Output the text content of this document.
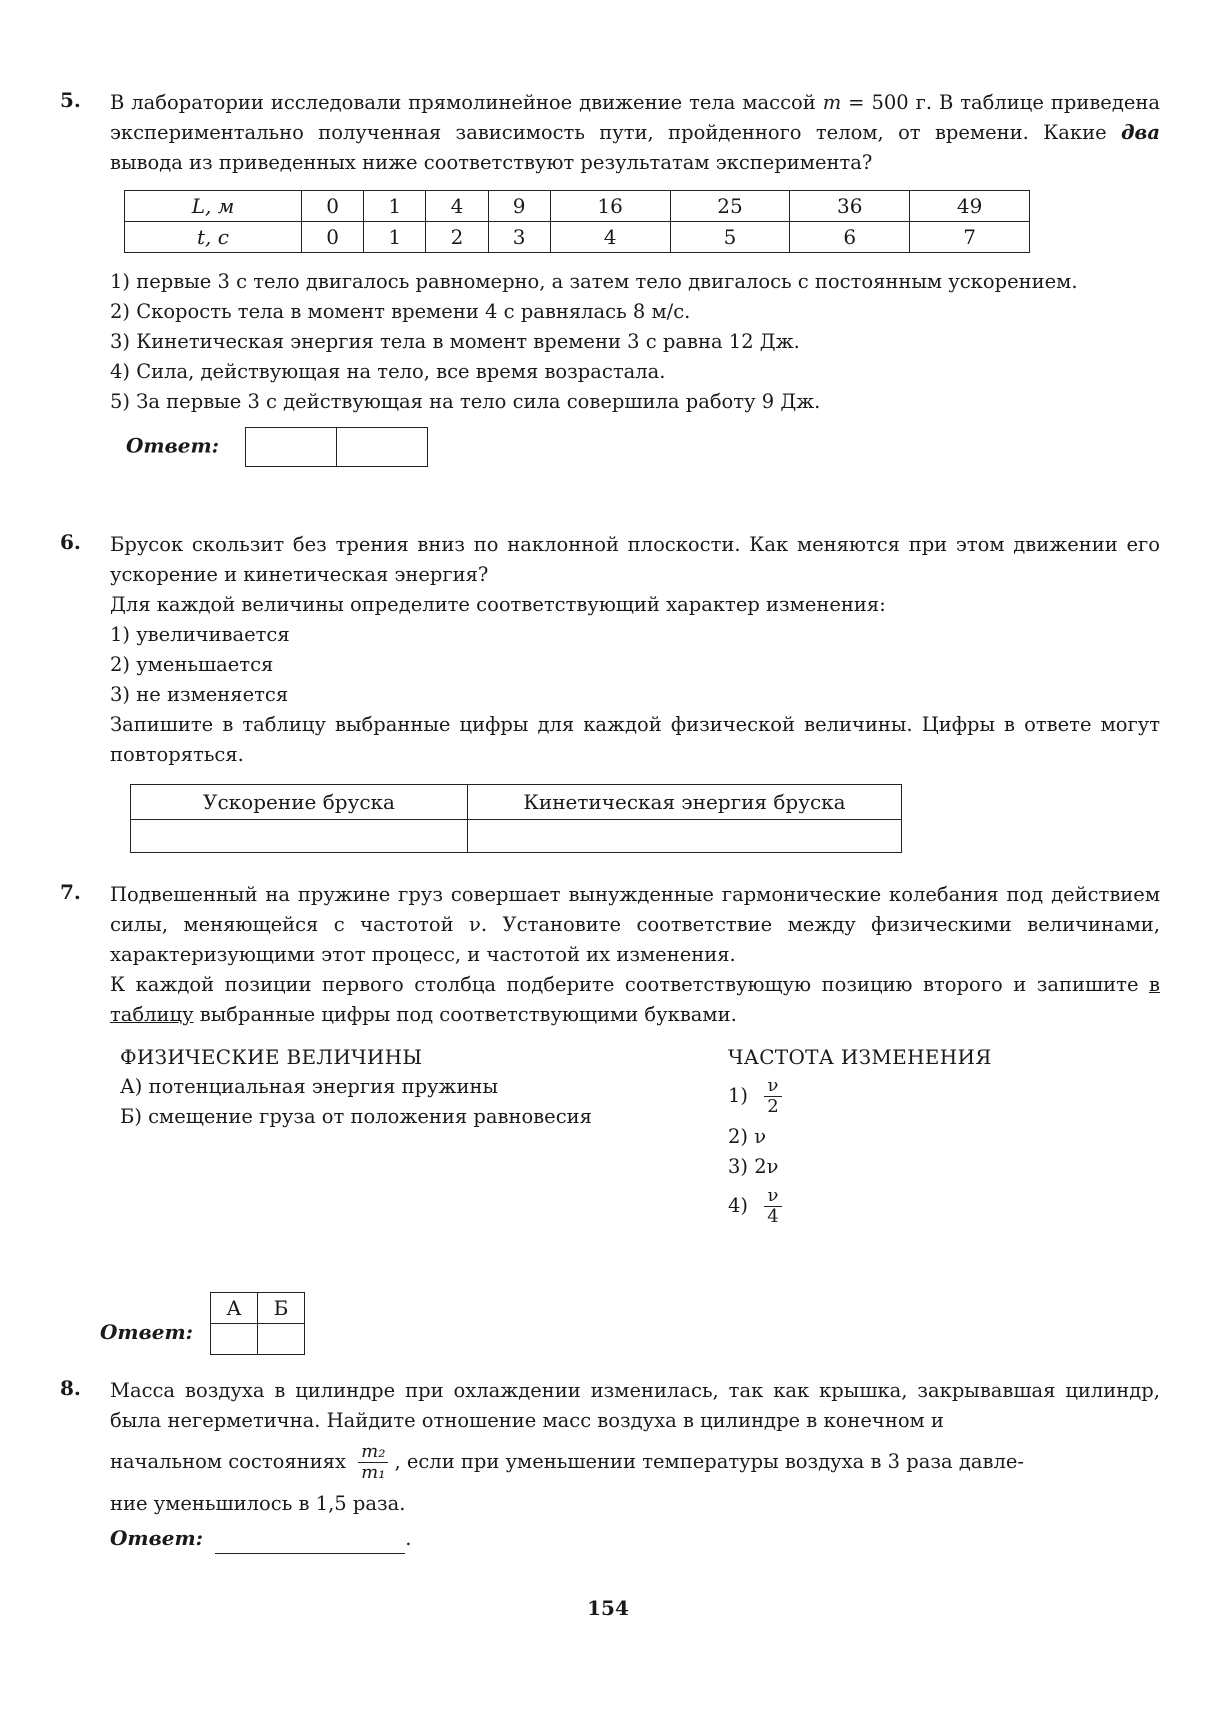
5. В лаборатории исследовали прямолинейное движение тела массой m = 500 г. В таблице приведена экспериментально полученная зависимость пути, пройденного телом, от времени. Какие два вывода из приведенных ниже соответствуют результатам эксперимента?

L, м	0	1	4	9	16	25	36	49
t, с	0	1	2	3	4	5	6	7

1) первые 3 с тело двигалось равномерно, а затем тело двигалось с постоянным ускорением.

2) Скорость тела в момент времени 4 с равнялась 8 м/с.

3) Кинетическая энергия тела в момент времени 3 с равна 12 Дж.

4) Сила, действующая на тело, все время возрастала.

5) За первые 3 с действующая на тело сила совершила работу 9 Дж.

Ответ:
6. Брусок скользит без трения вниз по наклонной плоскости. Как меняются при этом движении его ускорение и кинетическая энергия?

Для каждой величины определите соответствующий характер изменения:

1) увеличивается

2) уменьшается

3) не изменяется

Запишите в таблицу выбранные цифры для каждой физической величины. Цифры в ответе могут повторяться.

Ускорение бруска	Кинетическая энергия бруска

7. Подвешенный на пружине груз совершает вынужденные гармонические колебания под действием силы, меняющейся с частотой ν. Установите соответствие между физическими величинами, характеризующими этот процесс, и частотой их изменения.

К каждой позиции первого столбца подберите соответствующую позицию второго и запишите в таблицу выбранные цифры под соответствующими буквами.

ФИЗИЧЕСКИЕ ВЕЛИЧИНЫ
А) потенциальная энергия пружины
Б) смещение груза от положения равновесия
ЧАСТОТА ИЗМЕНЕНИЯ
$1) \frac{\nu}{2}$
2) ν
3) 2ν
$4) \frac{\nu}{4}$
Ответ:
А	Б

8. Масса воздуха в цилиндре при охлаждении изменилась, так как крышка, закрывавшая цилиндр, была негерметична. Найдите отношение масс воздуха в цилиндре в конечном и

начальном состояниях $\frac{\text{m₂}}{\text{m₁}}$ , если при уменьшении температуры воздуха в 3 раза давле-

ние уменьшилось в 1,5 раза.

Ответ:	.

154
